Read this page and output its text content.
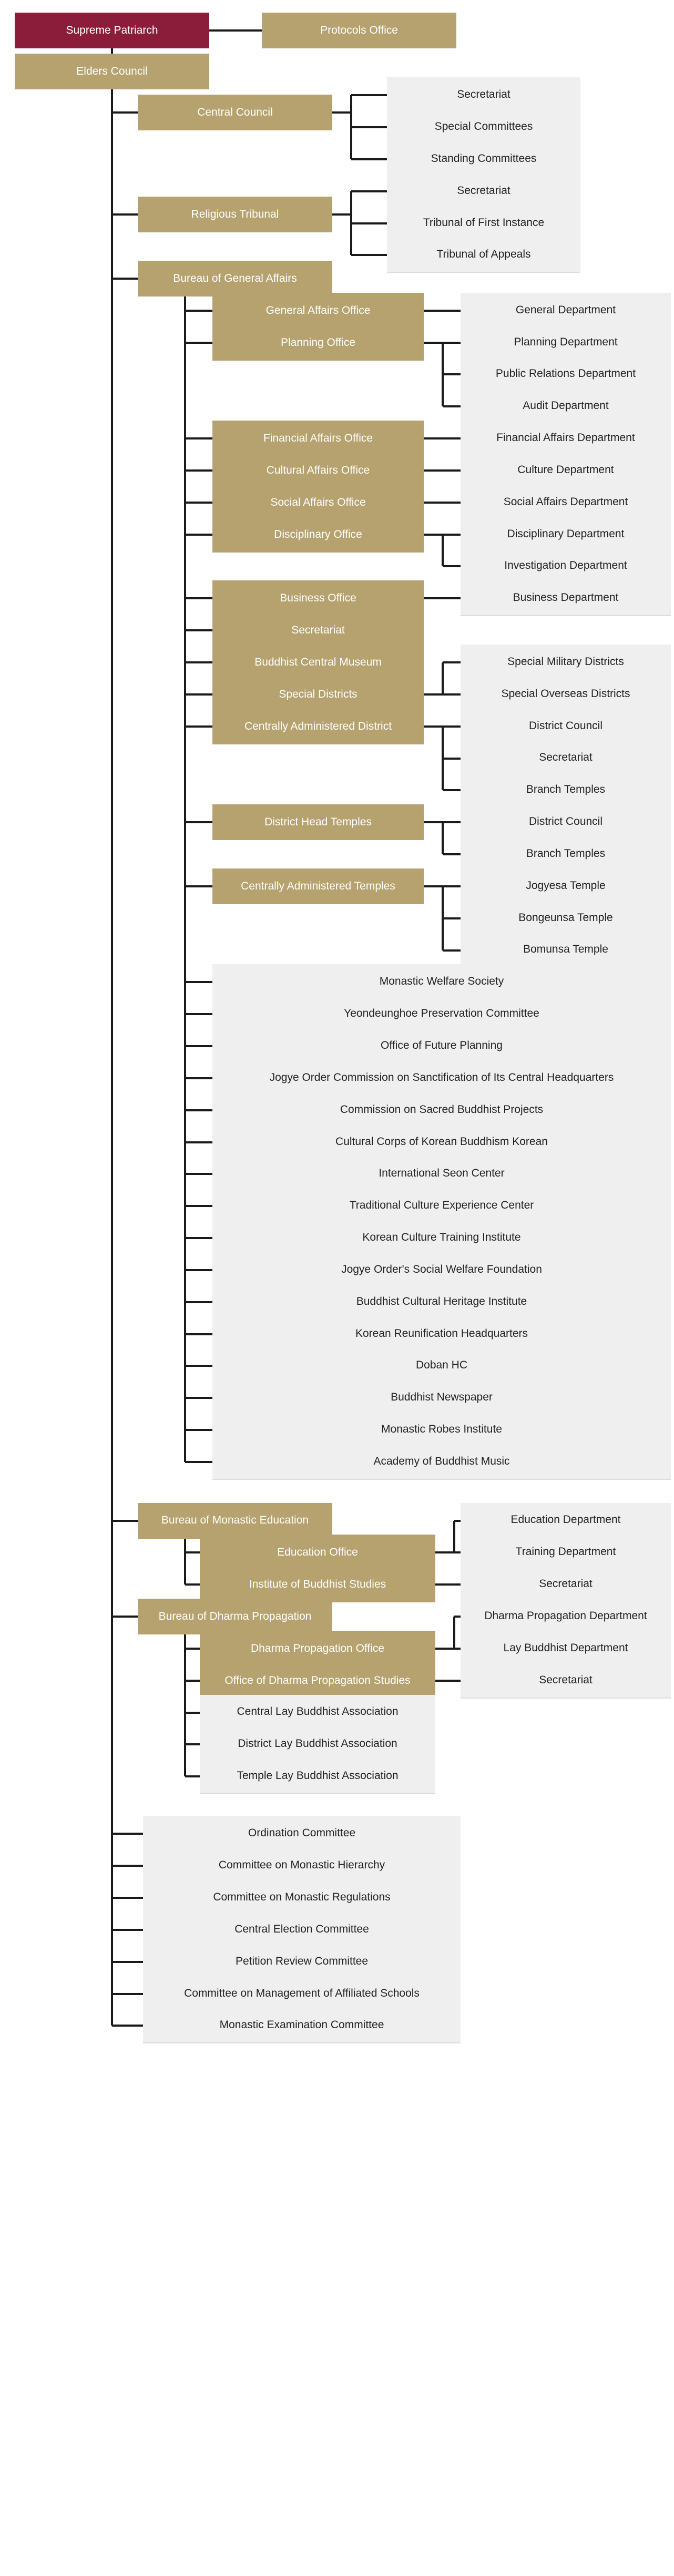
Supreme Patriarch	Protocols Office
Elders Council
Central Council
Secretariat
Special Committees
Standing Committees
Religious Tribunal
Secretariat
Tribunal of First Instance
Tribunal of Appeals
Bureau of General Affairs
General Affairs Office	General Department
Planning Office	Planning Department
Public Relations Department
Audit Department
Financial Affairs Office	Financial Affairs Department
Cultural Affairs Office	Culture Department
Social Affairs Office	Social Affairs Department
Disciplinary Office	Disciplinary Department
Investigation Department
Business Office	Business Department
Secretariat
Buddhist Central Museum
Special Districts
Special Military Districts
Special Overseas Districts
Centrally Administered District	District Council
Secretariat
Branch Temples
District Head Temples	District Council
Branch Temples
Centrally Administered Temples	Jogyesa Temple
Bongeunsa Temple
Bomunsa Temple
Monastic Welfare Society
Yeondeunghoe Preservation Committee
Office of Future Planning
Jogye Order Commission on Sanctification of Its Central Headquarters
Commission on Sacred Buddhist Projects
Cultural Corps of Korean Buddhism Korean
International Seon Center
Traditional Culture Experience Center
Korean Culture Training Institute
Jogye Order's Social Welfare Foundation
Buddhist Cultural Heritage Institute
Korean Reunification Headquarters
Doban HC
Buddhist Newspaper
Monastic Robes Institute
Academy of Buddhist Music
Bureau of Monastic Education
Education Office
Education Department
Training Department
Institute of Buddhist Studies	Secretariat
Bureau of Dharma Propagation
Dharma Propagation Office
Dharma Propagation Department
Lay Buddhist Department
Office of Dharma Propagation Studies	Secretariat
Central Lay Buddhist Association
District Lay Buddhist Association
Temple Lay Buddhist Association
Ordination Committee
Committee on Monastic Hierarchy
Committee on Monastic Regulations
Central Election Committee
Petition Review Committee
Committee on Management of Affiliated Schools
Monastic Examination Committee
